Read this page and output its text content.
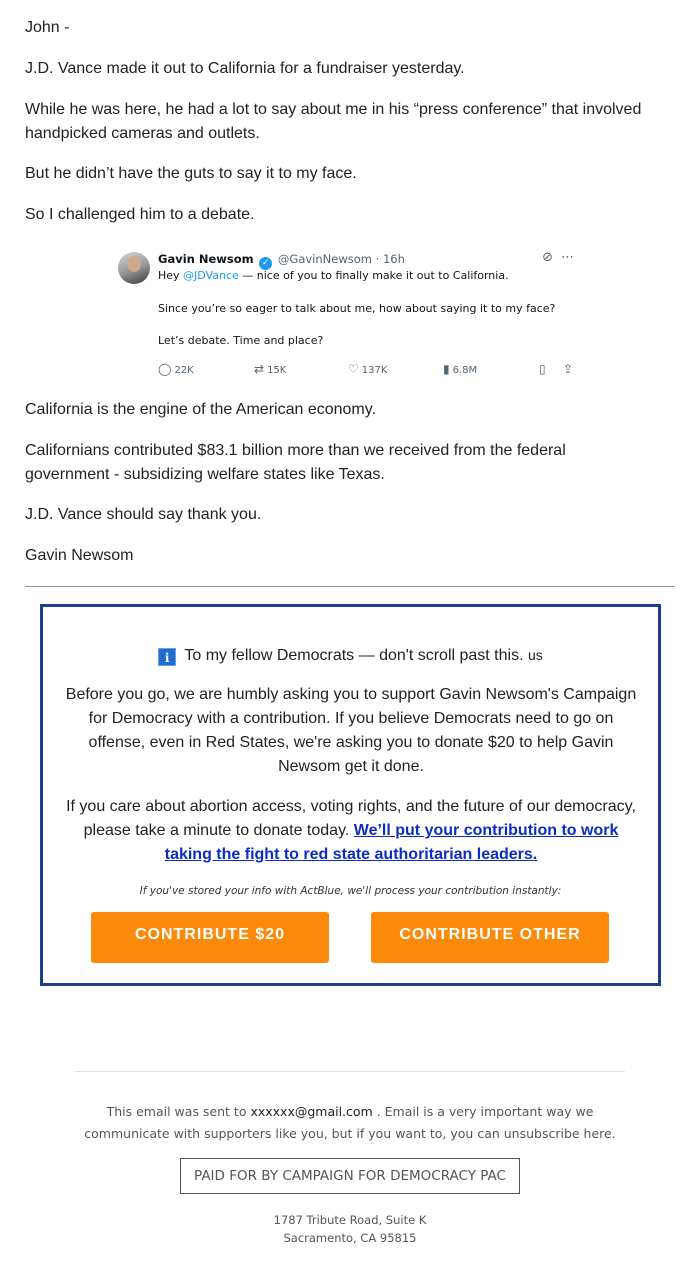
John -

J.D. Vance made it out to California for a fundraiser yesterday.

While he was here, he had a lot to say about me in his “press conference” that involved handpicked cameras and outlets.

But he didn’t have the guts to say it to my face.

So I challenged him to a debate.

California is the engine of the American economy.

Californians contributed $83.1 billion more than we received from the federal government - subsidizing welfare states like Texas.

J.D. Vance should say thank you.

Gavin Newsom

Gavin Newsom ✓ @GavinNewsom · 16h	⊘ ⋯
Hey @JDVance — nice of you to finally make it out to California.
Since you’re so eager to talk about me, how about saying it to my face?
Let’s debate. Time and place?
◯ 22K	⇄ 15K	♡ 137K	▮ 6.8M	▯ ⇪
i To my fellow Democrats — don't scroll past this. us
Before you go, we are humbly asking you to support Gavin Newsom's Campaign for Democracy with a contribution. If you believe Democrats need to go on offense, even in Red States, we're asking you to donate $20 to help Gavin Newsom get it done.
If you care about abortion access, voting rights, and the future of our democracy, please take a minute to donate today. We’ll put your contribution to work taking the fight to red state authoritarian leaders.
If you've stored your info with ActBlue, we'll process your contribution instantly:
CONTRIBUTE $20	CONTRIBUTE OTHER
This email was sent to xxxxxx@gmail.com . Email is a very important way we communicate with supporters like you, but if you want to, you can unsubscribe here.
PAID FOR BY CAMPAIGN FOR DEMOCRACY PAC
1787 Tribute Road, Suite K
Sacramento, CA 95815
